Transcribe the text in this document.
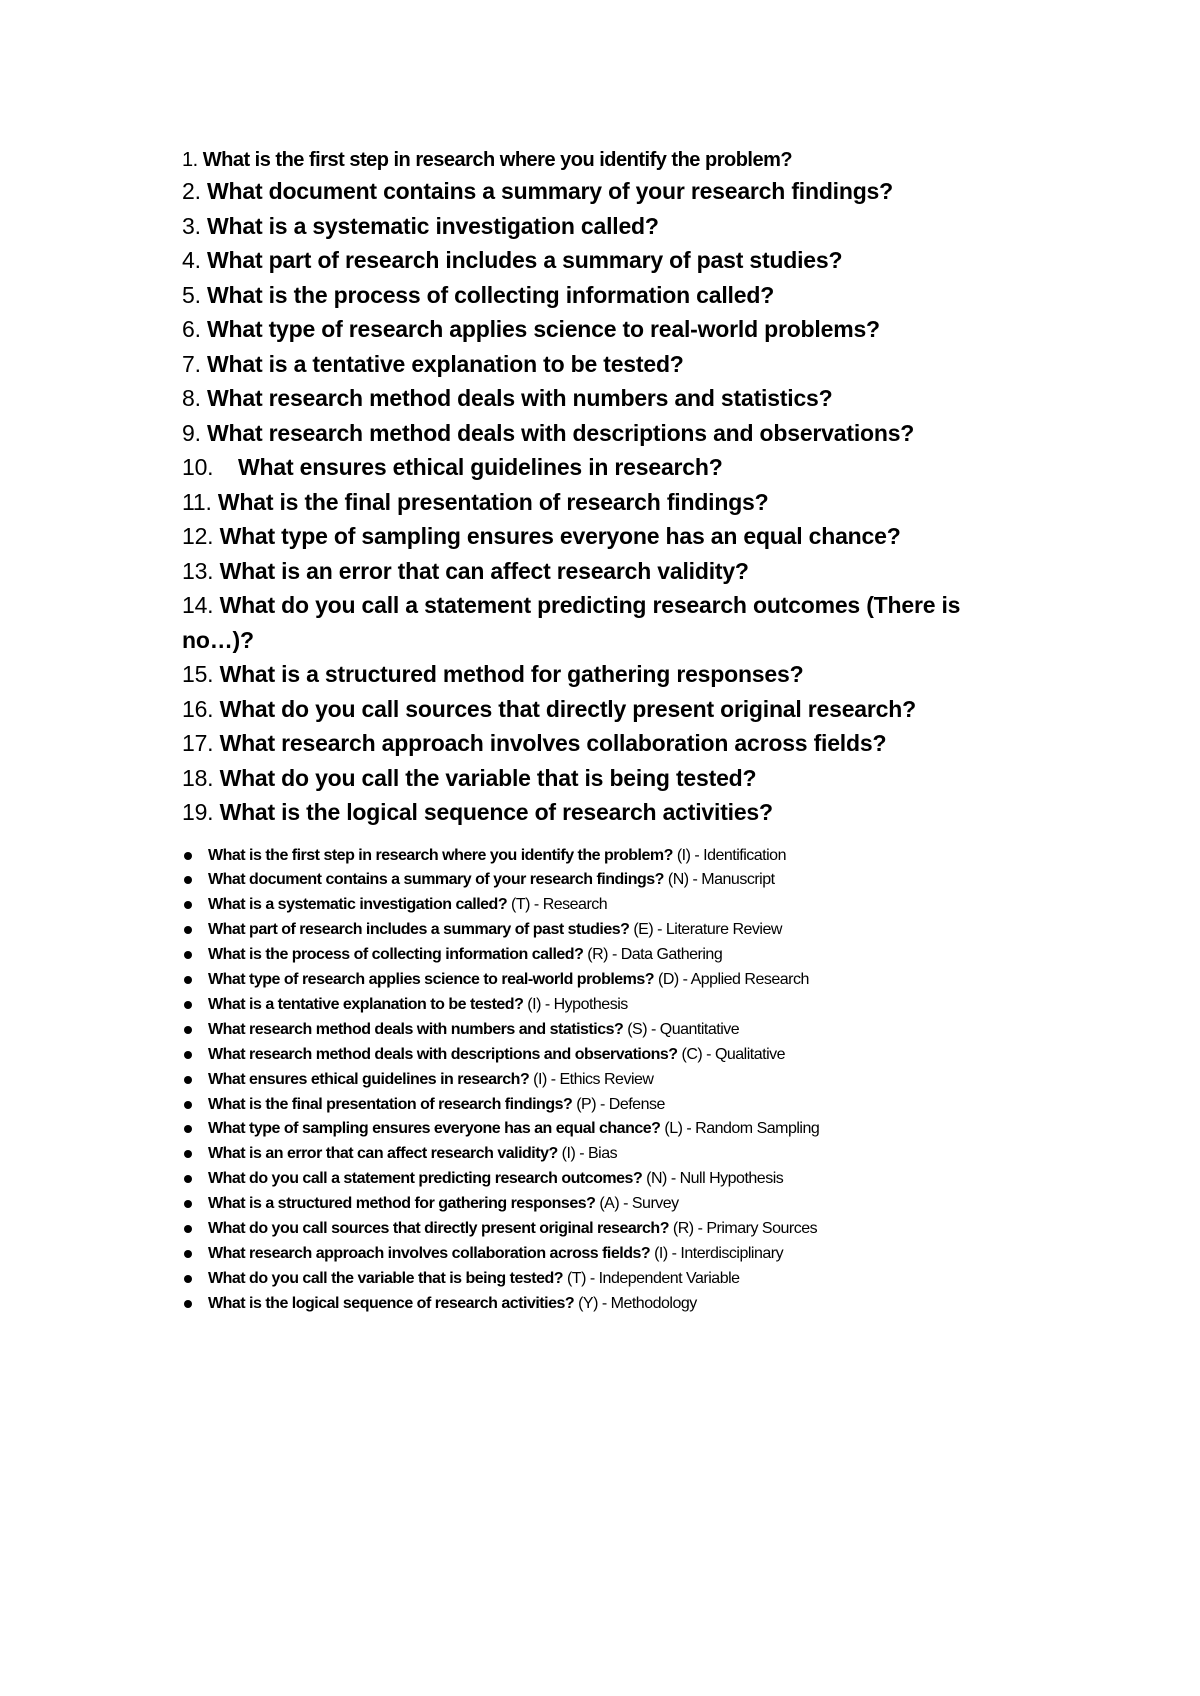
1.
What is the first step in research where you identify the problem?
2. What document contains a summary of your research findings?
3. What is a systematic investigation called?
4. What part of research includes a summary of past studies?
5. What is the process of collecting information called?
6. What type of research applies science to real-world problems?
7. What is a tentative explanation to be tested?
8. What research method deals with numbers and statistics?
9. What research method deals with descriptions and observations?
10. What ensures ethical guidelines in research?
11. What is the final presentation of research findings?
12. What type of sampling ensures everyone has an equal chance?
13. What is an error that can affect research validity?
14. What do you call a statement predicting research outcomes (There is no…)?
15. What is a structured method for gathering responses?
16. What do you call sources that directly present original research?
17. What research approach involves collaboration across fields?
18. What do you call the variable that is being tested?
19. What is the logical sequence of research activities?
What is the first step in research where you identify the problem? (I) - Identification
What document contains a summary of your research findings? (N) - Manuscript
What is a systematic investigation called? (T) - Research
What part of research includes a summary of past studies? (E) - Literature Review
What is the process of collecting information called? (R) - Data Gathering
What type of research applies science to real-world problems? (D) - Applied Research
What is a tentative explanation to be tested? (I) - Hypothesis
What research method deals with numbers and statistics? (S) - Quantitative
What research method deals with descriptions and observations? (C) - Qualitative
What ensures ethical guidelines in research? (I) - Ethics Review
What is the final presentation of research findings? (P) - Defense
What type of sampling ensures everyone has an equal chance? (L) - Random Sampling
What is an error that can affect research validity? (I) - Bias
What do you call a statement predicting research outcomes? (N) - Null Hypothesis
What is a structured method for gathering responses? (A) - Survey
What do you call sources that directly present original research? (R) - Primary Sources
What research approach involves collaboration across fields? (I) - Interdisciplinary
What do you call the variable that is being tested? (T) - Independent Variable
What is the logical sequence of research activities? (Y) - Methodology
